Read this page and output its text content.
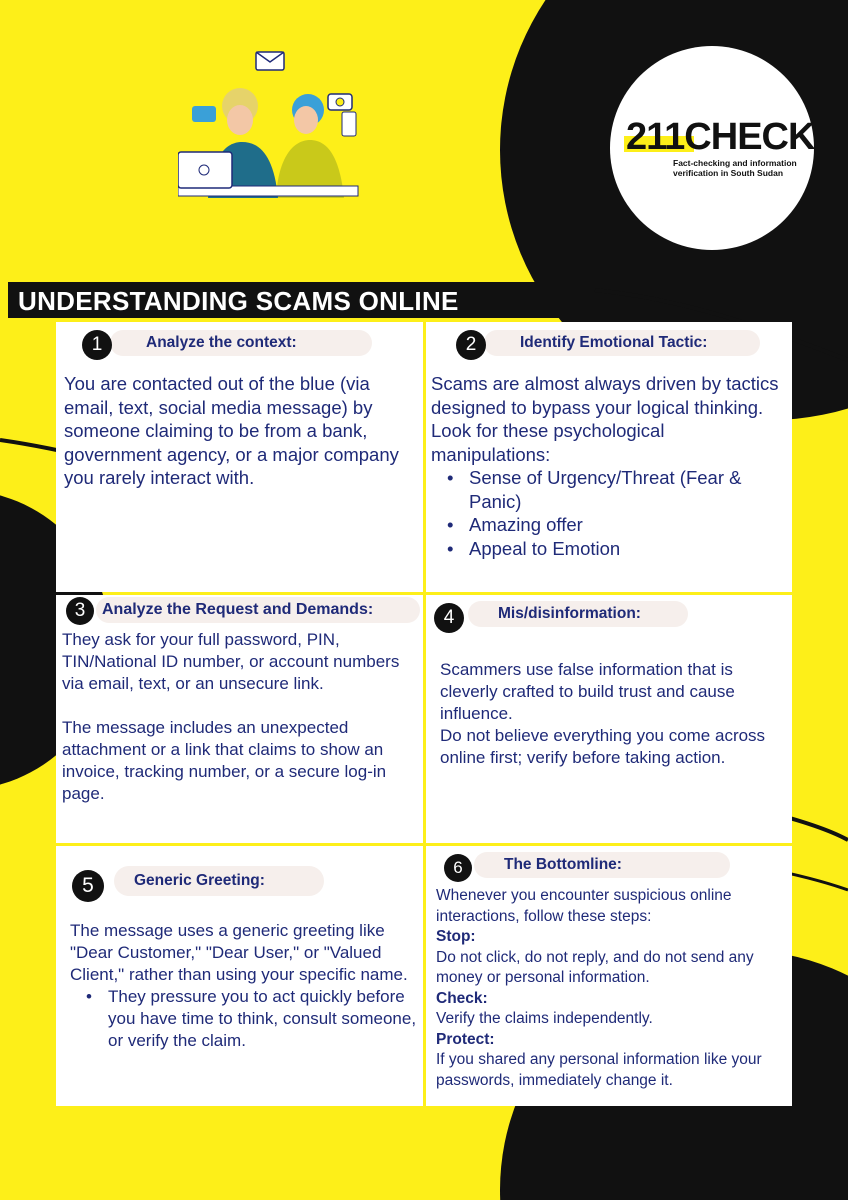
211CHECK
Fact-checking and information
verification in South Sudan
UNDERSTANDING SCAMS ONLINE
Analyze the context:
1
You are contacted out of the blue (via email, text, social media message) by someone claiming to be from a bank, government agency, or a major company you rarely interact with.
Identify Emotional Tactic:
2
Scams are almost always driven by tactics designed to bypass your logical thinking. Look for these psychological manipulations:
• Sense of Urgency/Threat (Fear & Panic)
• Amazing offer
• Appeal to Emotion
Analyze the Request and Demands:
3
They ask for your full password, PIN, TIN/National ID number, or account numbers via email, text, or an unsecure link.
The message includes an unexpected attachment or a link that claims to show an invoice, tracking number, or a secure log-in page.
Mis/disinformation:
4
Scammers use false information that is cleverly crafted to build trust and cause influence.
Do not believe everything you come across online first; verify before taking action.
Generic Greeting:
5
The message uses a generic greeting like "Dear Customer," "Dear User," or "Valued Client," rather than using your specific name.
• They pressure you to act quickly before you have time to think, consult someone, or verify the claim.
The Bottomline:
6
Whenever you encounter suspicious online interactions, follow these steps:
Stop:
Do not click, do not reply, and do not send any money or personal information.
Check:
Verify the claims independently.
Protect:
If you shared any personal information like your passwords, immediately change it.
